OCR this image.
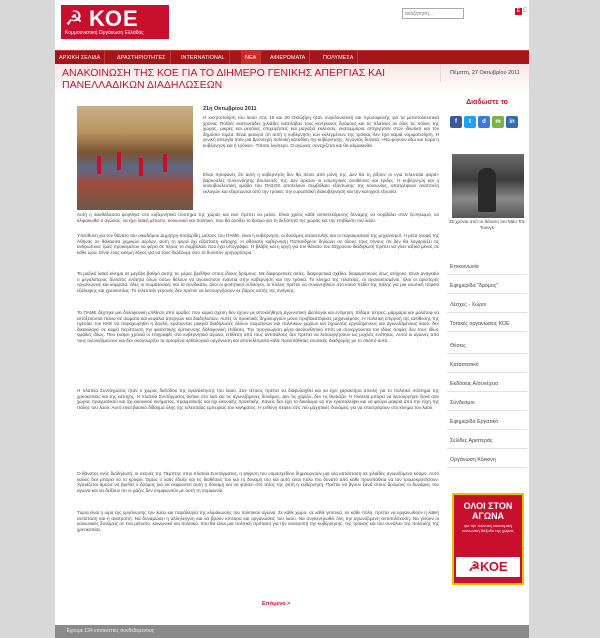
☭ ΚΟΕ
Κομμουνιστική Οργάνωση Ελλάδας
αναζήτηση...
Ε Ε
ΑΡΧΙΚΗ ΣΕΛΙΔΑ	ΔΡΑΣΤΗΡΙΟΤΗΤΕΣ	INTERNATIONAL	ΝΕΑ	ΑΦΙΕΡΩΜΑΤΑ	ΠΟΛΥΜΕΣΑ
ΑΝΑΚΟΙΝΩΣΗ ΤΗΣ ΚΟΕ ΓΙΑ ΤΟ ΔΙΗΜΕΡΟ ΓΕΝΙΚΗΣ ΑΠΕΡΓΙΑΣ ΚΑΙ ΠΑΝΕΛΛΑΔΙΚΩΝ ΔΙΑΔΗΛΩΣΕΩΝ
Πέμπτη, 27 Οκτωβρίου 2011
21η Οκτωβρίου 2011
Η κινητοποίηση του λαού στις 19 και 20 Οκτώβρη ήταν συγκλονιστική και πρωτοφανής για τα μεταπολιτευτικά χρόνια. Πολλές εκατοντάδες χιλιάδες κατέλαβαν τους κεντρικούς δρόμους και τις πλατείες σε όλες τις πόλεις της χώρας, μικρές και μεγάλες επιχειρήσεις και μαγαζιά έκλεισαν, εκατομμύρια απήργησαν στον ιδιωτικό και τον δημόσιο τομέα. Είναι φανερό ότι αυτή η κυβέρνηση των εκλεγμένων της τρόικας δεν έχει καμιά νομιμοποίηση. Η γενική απεργία ήταν μια βροντερή πολιτική καταδίκη της κυβέρνησης, λέγοντάς δυνατά: «Να φύγουν εδώ και τώρα η κυβέρνηση και η τρόικα». Τίποτα λιγότερο. Ο αγώνας συνεχίζεται και θα κλιμακωθεί.
Είναι προφανές ότι αυτή η κυβέρνηση δεν θα πέσει από μόνη της. Δεν θα τη ρίξουν οι «για τελευταία φορά» βαρκούλες συνεννόησης βουλευτές της. Δεν αρκούν οι εσωτερικές αντιθέσεις και έριδες. Η κυβέρνηση και η κοινοβουλευτική ομάδα του ΠΑΣΟΚ αποτελούν συμβόλαιο εξόντωσης της κοινωνίας, αποτρέψουν ανάπτυξη εκλογών και εξαρτώνται από την τρόικα, την ευρωπαϊκή διακυβέρνηση και την κατοχική εξουσία.
Αυτή η λαοθάλασσα φύρθηκε στο κυβερνητικό σύστημα της χώρας και εκεί πρέπει να μείνει. Είναι χρέος κάθε αντιστεκόμενης δύναμης να συμβάλει στον ξεσηκωμό, να κλιμακωθεί ο αγώνας, να έχει λαϊκή μέτωπο, κοινωνικό και πολιτικό, που θα ανοίξει το δρόμο για τη δεξιότητα της χώρας και την επιβίωση του λαού.
Υπεύθυνη για τον θάνατο του οικοδόμου Δημήτρη Κοτζαρίδη, μέλους του ΠΑΜΕ, είναι η κυβέρνηση, οι δυνάμεις καταστολής και οι παρακρατικοί της μηχανισμοί. Η μέτα τροφή της Αθήνας σε θάλασσα χημικών αερίων, αυτή τη φορά όχι εξάσταση κάτοχης. Η αθάνατη κυβέρνηση Παπανδρέου δηλώνει σε όλους τους τόνους ότι δεν θα λογαριάζει τις ανθρώπινες ζωές προκειμένου να φέρει σε πέρας το συμβόλαιο που έχει υπογράψει. Η βλάβη και η οργή για τον θάνατο του 53χρονου διαδηλωτή πρέπει να γίνει ταξικό μένος σε κάθε ωρα. Είναι ένας ακόμη λόγος για να τους διώξουμε όσο το δυνατόν γρηγορότερα.
Το μαζικό λαϊκό κίνημα σε μεγάλο βαθμό αυτής τις μέρες βρέθηκε στους ίδιους δρόμους. Με διαφορετικές αιτίες, διαφορετικά σχέδια, διαφορετικούς ίσως στόχους. Είναι αναγκαίο ο μεγαλύτερος δυνατός ενότητα όλων όσων θέλουν να αγωνιστούν ενάντια στην κυβέρνηση και την τρόικα. Το κίνημα της πλατείας, οι αγανακτισμένοι, όλοι οι αριστερές οργανώσεις και κόμματα, όλες οι σωματειακές και τα συνδικάτα, όλοι οι φοιτητικοί σύλλογοι, οι πόλεις πρέπει να συναντηθούν στο κοινό πεδίο της πάλης για μια ενωτική πορεία εξάλειψης και χρεοκοπίας. Το τελευταίο γεγονός δεν πρέπει να λειτουργήσουν σε βάρος αυτής της ανάγκης.
Το ΠΑΜΕ δέχτηκε μια δολοφονική επίθεση από ομάδες που καμιά σχέση δεν έχουν με αποκλήθηση αγωνιστική ιδεολογία και εντίμηση. Είδαμε πέτρες, μάρμαρα και μολότοφ να εκτοξεύονται πάνω σε σώματα και κεφάλια απεργών και διαδηλωτών. Αυτές οι πρακτικές δημιουργούν μόνο προβοκατόρικες μηχανισμούς. Η πολιτική επιρροή της αντίθεσης της ηγεσίας του ΚΚΕ να παραχωρηθεί η δουλή, κρατώντας μακριά διαδηλωτές άλλων σωματείων και πολιτικών χώρων και τηρώντας εργαζόμενους και αγωνιζόμενους λαού, δεν δικαιολογεί σε καμιά περίπτωση την φασιστικής έμπνευσης δολοφονική επίθεση. Την προγνώριση μέρα ακολουθητικό σπίτι να συνεργούνται τον ιδίως σοφίες δεν τους ιδίως ομάδες ιδίως. Που ενέψει χρόνια οι επιγραφές στο κυβέρνητικό αγώνα, επίθεση από τους αντιπάλους δεν πρέπει να λειτουργήσουν ως μοχλός ενότητας. Αυτοί οι αγώνες από τους αγωνιζόμενους και δεν αναγνωρίζει τα ορισμένα ορθολογικά οργάνωση και αποτελέσματα κάθε προσπάθειας ενωτικής διαδρομής με το σκοπό αυτό.
Η πλατεία Συντάγματος ήταν ο χώρος διεξόδου της αγανάκτησης του λαού. Σαν τέτοιος πρέπει να διαφυλαχθεί και να έχει χαρακτήρα απειλή για το πολιτικό σύστημα της χρεοκοπίας και της κατοχής. Η πλατεία Συντάγματος ανήκει στο λαό και τις αγωνιζόμενες δυνάμεις. Δεν τις χαρίζει, δεν τις θυσιάζει. Η πλατεία μπορεί να λειτουργήσει ξανά σαν χώρος πραγματικού και όχι εικονικού κινήματος, πραγματικής και όχι εικονικής πρακτικής. Κανείς δεν έχει το δικαίωμα να την εγκαταλείψει και να φεύγει μακριά από την τύχη της πάλης του λαού. Αυτό είναι βασικό δίδαγμα όλης της τελευταίας εμπειρίας του κινήματος. Η ευθύνη πέφτει στις πιο μαχητικές δυνάμεις για να επιστρέψουν στο κίνημα του λαού.
Ο θάνατος ενός διαδηλωτή, οι σκηνές της Πέμπτης στην πλατεία Συντάγματος, η ψήφιση του νομοσχεδίου δημιουργούν μια νέα κατάσταση σε χιλιάδες αγωνιζόμενο κόσμο. Αυτό κανείς δεν μπορεί να το κρύψει. Όμως ο λαός έδειξε και τις διαθέσεις του και τη δύναμή του και αυτό είναι πολύ πιο δυνατό από κάθε προσπάθεια να τον τρομοκρατήσουν. Χρειάζεται άμεσα να βρεθεί ο δρόμος για να εκφραστεί αυτή η δύναμη και να φτάσει στο τέλος της αυτή η κυβέρνηση. Πρέπει να βγουν ξανά στους δρόμους οι δυνάμεις του αγώνα και να δείξουν ότι οι μάζες δεν συμφωνούν με αυτή τη συμφωνία.
Τώρα είναι η ώρα της οργάνωσης του λαού και παράλληλα της κλιμάκωσης του πολιτικού αγώνα. Σε κάθε χώρο, σε κάθε γειτονιά, σε κάθε πόλη, πρέπει να οργανωθούν η λαϊκή αντίσταση και η ανατροπή. Να δυναμώσει η αλληλεγγύη και να βρουν κύτταρα και οργανώσεις του λαού. Να συγκεντρωθεί όλη την αγωνιζόμενη αντιπολίτευση. Να γίνουν οι κοινωνικές δυνάμεις σε ένα μέτωπο, κοινωνικό και πολιτικό, που θα είναι μια πολιτική πρόταση για την ανατροπή της κυβέρνησης, της τρόικας και του συνόλου της πολιτικής της χρεοκοπίας.
Επόμενο >
Διαδώστε το
f	t	d	m	in
35 χρόνια από το θάνατο του Μάο Τσε Τουνγκ
Επικοινωνία
Εφημερίδα "δρόμος"
Λέσχες - Χώροι
Τοπικές οργανώσεις ΚΟΕ
Θέσεις
Καταστατικό
Εκδόσεις Α/συνέχεια
Σύνδεσμοι
Εφημερίδα Εργατικό
Σελίδες Αριστεράς
Οργάνωση Κόκκινη
ΟΛΟΙ ΣΤΟΝ ΑΓΩΝΑ
για την πολιτική οικονομική κοινωνική διέξοδο της χώρας
☭ΚΟΕ
Έχουμε 124 επισκέπτες συνδεδεμένους
